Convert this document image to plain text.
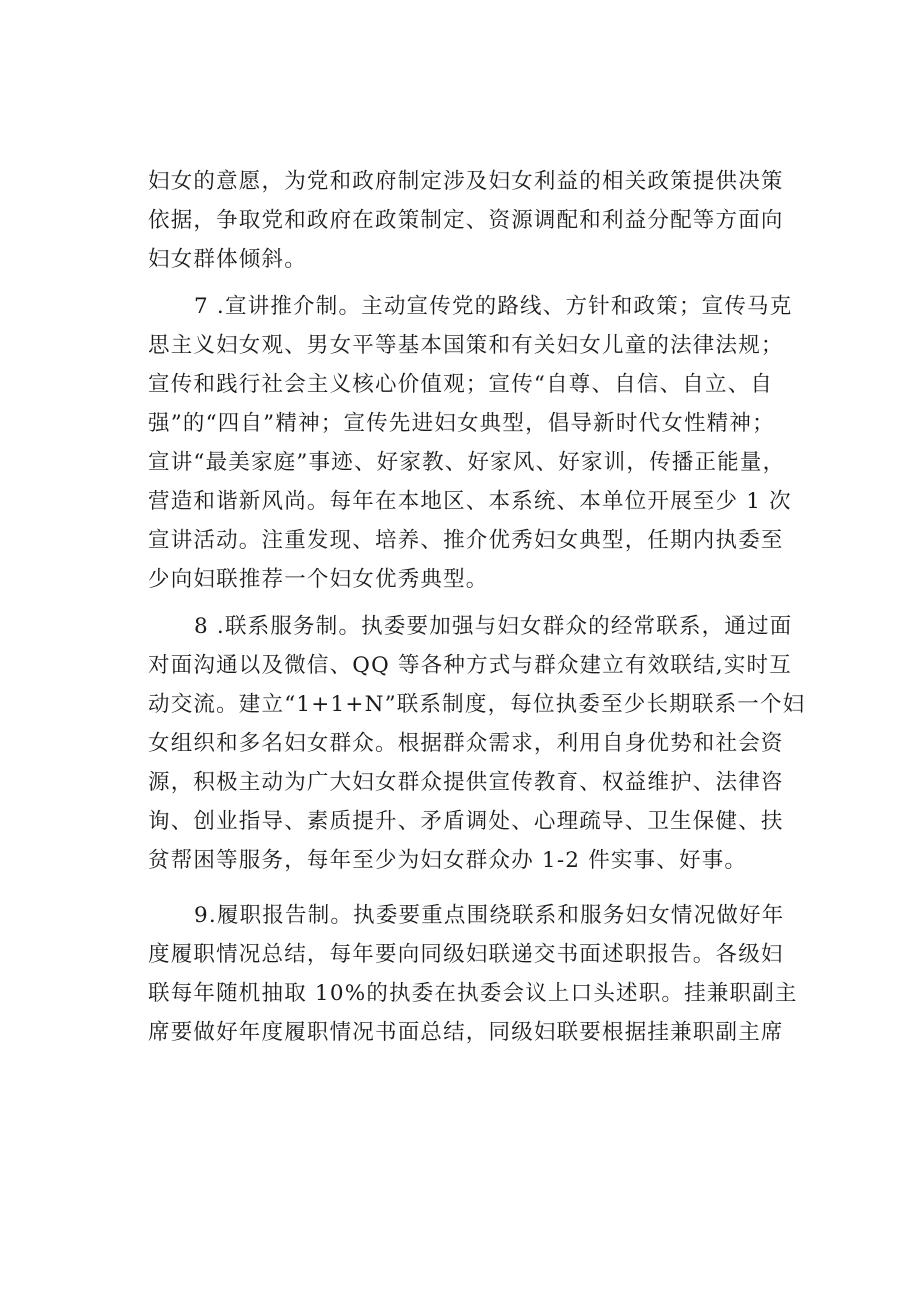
妇女的意愿，为党和政府制定涉及妇女利益的相关政策提供决策
依据，争取党和政府在政策制定、资源调配和利益分配等方面向
妇女群体倾斜。
7 .宣讲推介制。主动宣传党的路线、方针和政策；宣传马克
思主义妇女观、男女平等基本国策和有关妇女儿童的法律法规；
宣传和践行社会主义核心价值观；宣传“自尊、自信、自立、自
强”的“四自”精神；宣传先进妇女典型，倡导新时代女性精神；
宣讲“最美家庭”事迹、好家教、好家风、好家训，传播正能量，
营造和谐新风尚。每年在本地区、本系统、本单位开展至少 1 次
宣讲活动。注重发现、培养、推介优秀妇女典型，任期内执委至
少向妇联推荐一个妇女优秀典型。
8 .联系服务制。执委要加强与妇女群众的经常联系，通过面
对面沟通以及微信、QQ 等各种方式与群众建立有效联结,实时互
动交流。建立“1+1+N”联系制度，每位执委至少长期联系一个妇
女组织和多名妇女群众。根据群众需求，利用自身优势和社会资
源，积极主动为广大妇女群众提供宣传教育、权益维护、法律咨
询、创业指导、素质提升、矛盾调处、心理疏导、卫生保健、扶
贫帮困等服务，每年至少为妇女群众办 1-2 件实事、好事。
9.履职报告制。执委要重点围绕联系和服务妇女情况做好年
度履职情况总结，每年要向同级妇联递交书面述职报告。各级妇
联每年随机抽取 10%的执委在执委会议上口头述职。挂兼职副主
席要做好年度履职情况书面总结，同级妇联要根据挂兼职副主席
